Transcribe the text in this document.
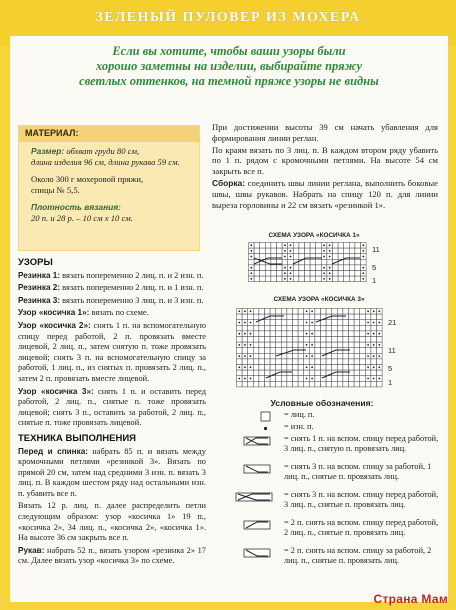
ЗЕЛЕНЫЙ ПУЛОВЕР ИЗ МОХЕРА
Если вы хотите, чтобы ваши узоры были
хорошо заметны на изделии, выбирайте пряжу
светлых оттенков, на темной пряже узоры не видны
МАТЕРИАЛ:
Размер: обхват груди 80 см,
длина изделия 96 см, длина рукава 59 см.
Около 300 г мохеровой пряжи,
спицы № 5,5.
Плотность вязания:
20 п. и 28 р. – 10 см х 10 см.
УЗОРЫ

Резинка 1: вязать попеременно 2 лиц. п. и 2 изн. п.

Резинка 2: вязать попеременно 2 лиц. п. и 1 изн. п.

Резинка 3: вязать попеременно 3 лиц. п. и 3 изн. п.

Узор «косичка 1»: вязать по схеме.

Узор «косичка 2»: снять 1 п. на вспомогательную спицу перед работой, 2 п. провязать вместе лицевой, 2 лиц. п., затем снятую п. тоже провязать лицевой; снять 3 п. на вспомогательную спицу за работой, 1 лиц. п., из снятых п. провязать 2 лиц. п., затем 2 п. провязать вместе лицевой.

Узор «косичка 3»: снять 1 п. и оставить перед работой, 2 лиц. п., снятые п. тоже провязать лицевой; снять 3 п., оставить за работой, 2 лиц. п., снятые п. тоже провязать лицевой.

ТЕХНИКА ВЫПОЛНЕНИЯ

Перед и спинка: набрать 85 п. и вязать между кромочными петлями «резинкой 3». Вязать по прямой 20 см, затем над средними 3 изн. п. вязать 3 лиц. п. В каждом шестом ряду над остальными изн. п. убавить все п.

Вязать 12 р. лиц. п. далее распределить петли следующим образом: узор «косичка 1» 19 п., «косичка 2», 34 лиц. п., «косичка 2», «косичка 1». На высоте 36 см закрыть все п.

Рукав: набрать 52 п., вязать узором «резинка 2» 17 см. Далее вязать узор «косичка 3» по схеме.

При достижении высоты 39 см начать убавления для формирования линии реглан.

По краям вязать по 3 лиц. п. В каждом втором ряду убавить по 1 п. рядом с кромочными петлями. На высоте 54 см закрыть все п.

Сборка: соединить швы линии реглана, выполнить боковые швы, швы рукавов. Набрать на спицу 120 п. для линии выреза горловины и 22 см вязать «резинкой 1».

СХЕМА УЗОРА «КОСИЧКА 1»
11
5
1
СХЕМА УЗОРА «КОСИЧКА 3»
21
11
5
1
Условные обозначения:
= лиц. п.
= изн. п.
= снять 1 п. на вспом. спицу перед работой, 3 лиц. п., снятую п. провязать лиц.
= снять 3 п. на вспом. спицу за работой, 1 лиц. п., снятые п. провязать лиц.
= снять 3 п. на вспом. спицу перед работой, 3 лиц. п., снятые п. провязать лиц.
= 2 п. снять на вспом. спицу перед работой, 2 лиц. п., снятые п. провязать лиц.
= 2 п. снять на вспом. спицу за работой, 2 лиц. п., снятые п. провязать лиц.
Страна Мам
